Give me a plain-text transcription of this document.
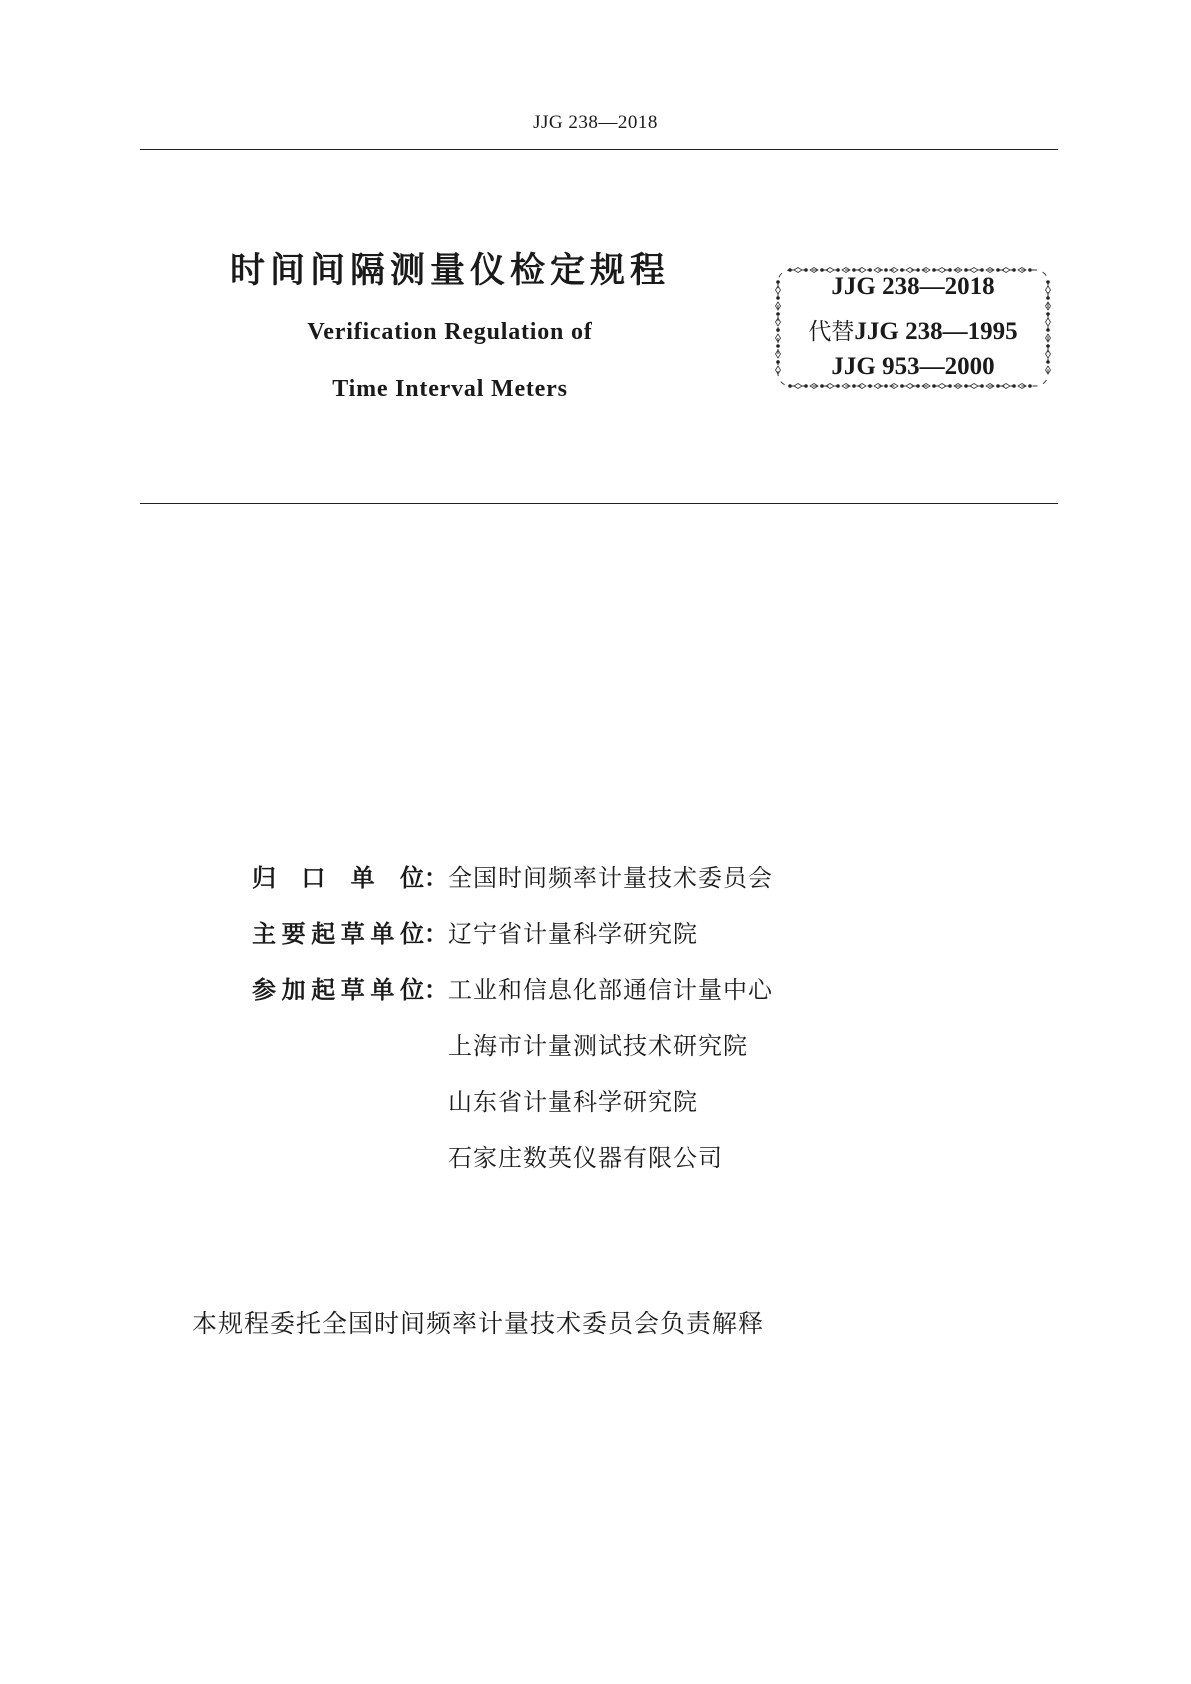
JJG 238—2018
时间间隔测量仪检定规程
Verification Regulation of
Time Interval Meters
JJG 238—2018
代替JJG 238—1995
JJG 953—2000
归 口 单 位： 全国时间频率计量技术委员会
主 要 起 草 单 位： 辽宁省计量科学研究院
参 加 起 草 单 位： 工业和信息化部通信计量中心
上海市计量测试技术研究院
山东省计量科学研究院
石家庄数英仪器有限公司
本规程委托全国时间频率计量技术委员会负责解释
